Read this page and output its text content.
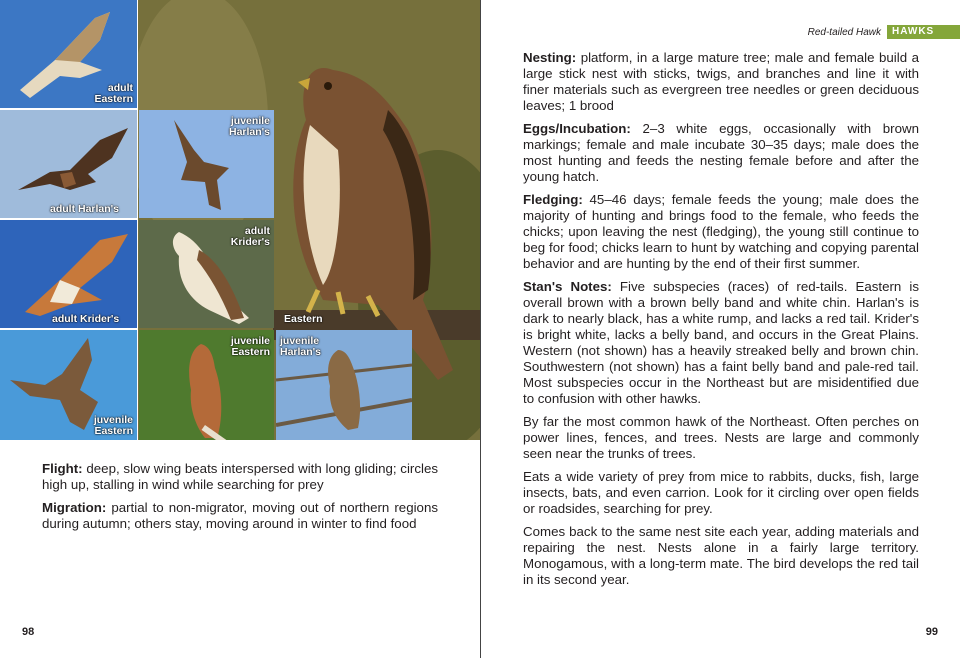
Eastern
adult
Eastern
adult Harlan's
juvenile
Harlan's
adult Krider's
adult
Krider's
juvenile
Eastern
juvenile
Eastern
juvenile
Harlan's

Flight: deep, slow wing beats interspersed with long gliding; circles high up, stalling in wind while searching for prey

Migration: partial to non-migrator, moving out of northern regions during autumn; others stay, moving around in winter to find food

98
Red-tailed Hawk	HAWKS

Nesting: platform, in a large mature tree; male and female build a large stick nest with sticks, twigs, and branches and line it with finer materials such as evergreen tree needles or green deciduous leaves; 1 brood

Eggs/Incubation: 2–3 white eggs, occasionally with brown markings; female and male incubate 30–35 days; male does the most hunting and feeds the nesting female before and after the young hatch.

Fledging: 45–46 days; female feeds the young; male does the majority of hunting and brings food to the female, who feeds the chicks; upon leaving the nest (fledging), the young still continue to beg for food; chicks learn to hunt by watching and copying parental behavior and are hunting by the end of their first summer.

Stan's Notes: Five subspecies (races) of red-tails. Eastern is overall brown with a brown belly band and white chin. Harlan's is dark to nearly black, has a white rump, and lacks a red tail. Krider's is bright white, lacks a belly band, and occurs in the Great Plains. Western (not shown) has a heavily streaked belly and brown chin. Southwestern (not shown) has a faint belly band and pale-red tail. Most subspecies occur in the Northeast but are misidentified due to confusion with other hawks.

By far the most common hawk of the Northeast. Often perches on power lines, fences, and trees. Nests are large and commonly seen near the trunks of trees.

Eats a wide variety of prey from mice to rabbits, ducks, fish, large insects, bats, and even carrion. Look for it circling over open fields or roadsides, searching for prey.

Comes back to the same nest site each year, adding materials and repairing the nest. Nests alone in a fairly large territory. Monogamous, with a long-term mate. The bird develops the red tail in its second year.

99
